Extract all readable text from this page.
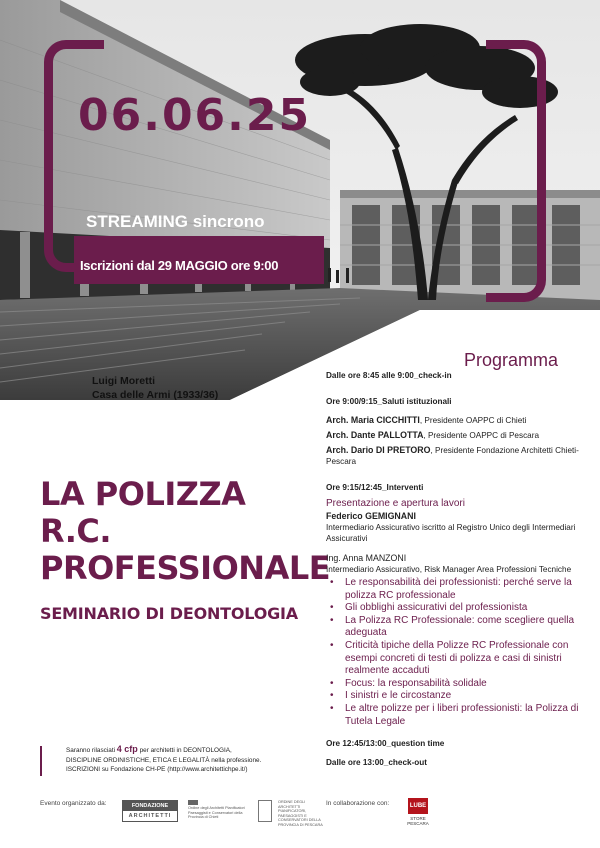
06.06.25
STREAMING sincrono
Iscrizioni dal 29 MAGGIO ore 9:00
Luigi Moretti
Casa delle Armi (1933/36)
LA POLIZZA
R.C.
PROFESSIONALE
SEMINARIO DI DEONTOLOGIA
Programma
Dalle ore 8:45 alle 9:00_check-in
Ore 9:00/9:15_Saluti istituzionali
Arch. Maria CICCHITTI, Presidente OAPPC di Chieti
Arch. Dante PALLOTTA, Presidente OAPPC di Pescara
Arch. Dario DI PRETORO, Presidente Fondazione Architetti Chieti-Pescara
Ore 9:15/12:45_Interventi
Presentazione e apertura lavori
Federico GEMIGNANI
Intermediario Assicurativo iscritto al Registro Unico degli Intermediari Assicurativi
Ing. Anna MANZONI
Intermediario Assicurativo, Risk Manager Area Professioni Tecniche
• Le responsabilità dei professionisti: perché serve la polizza RC professionale
• Gli obblighi assicurativi del professionista
• La Polizza RC Professionale: come scegliere quella adeguata
• Criticità tipiche della Polizze RC Professionale con esempi concreti di testi di polizza e casi di sinistri realmente accaduti
• Focus: la responsabilità solidale
• I sinistri e le circostanze
• Le altre polizze per i liberi professionisti: la Polizza di Tutela Legale
Ore 12:45/13:00_question time
Dalle ore 13:00_check-out
Saranno rilasciati 4 cfp per architetti in DEONTOLOGIA,
DISCIPLINE ORDINISTICHE, ETICA E LEGALITÀ nella professione.
ISCRIZIONI su Fondazione CH-PE (http://www.architettichpe.it/)
Evento organizzato da:	FONDAZIONE
ARCHITETTI
Ordine degli Architetti Pianificatori Paesaggisti e Conservatori della Provincia di Chieti
ORDINE DEGLI ARCHITETTI PIANIFICATORI, PAESAGGISTI E CONSERVATORI DELLA PROVINCIA DI PESCARA
In collaborazione con:	LUBE
STORE PESCARA
